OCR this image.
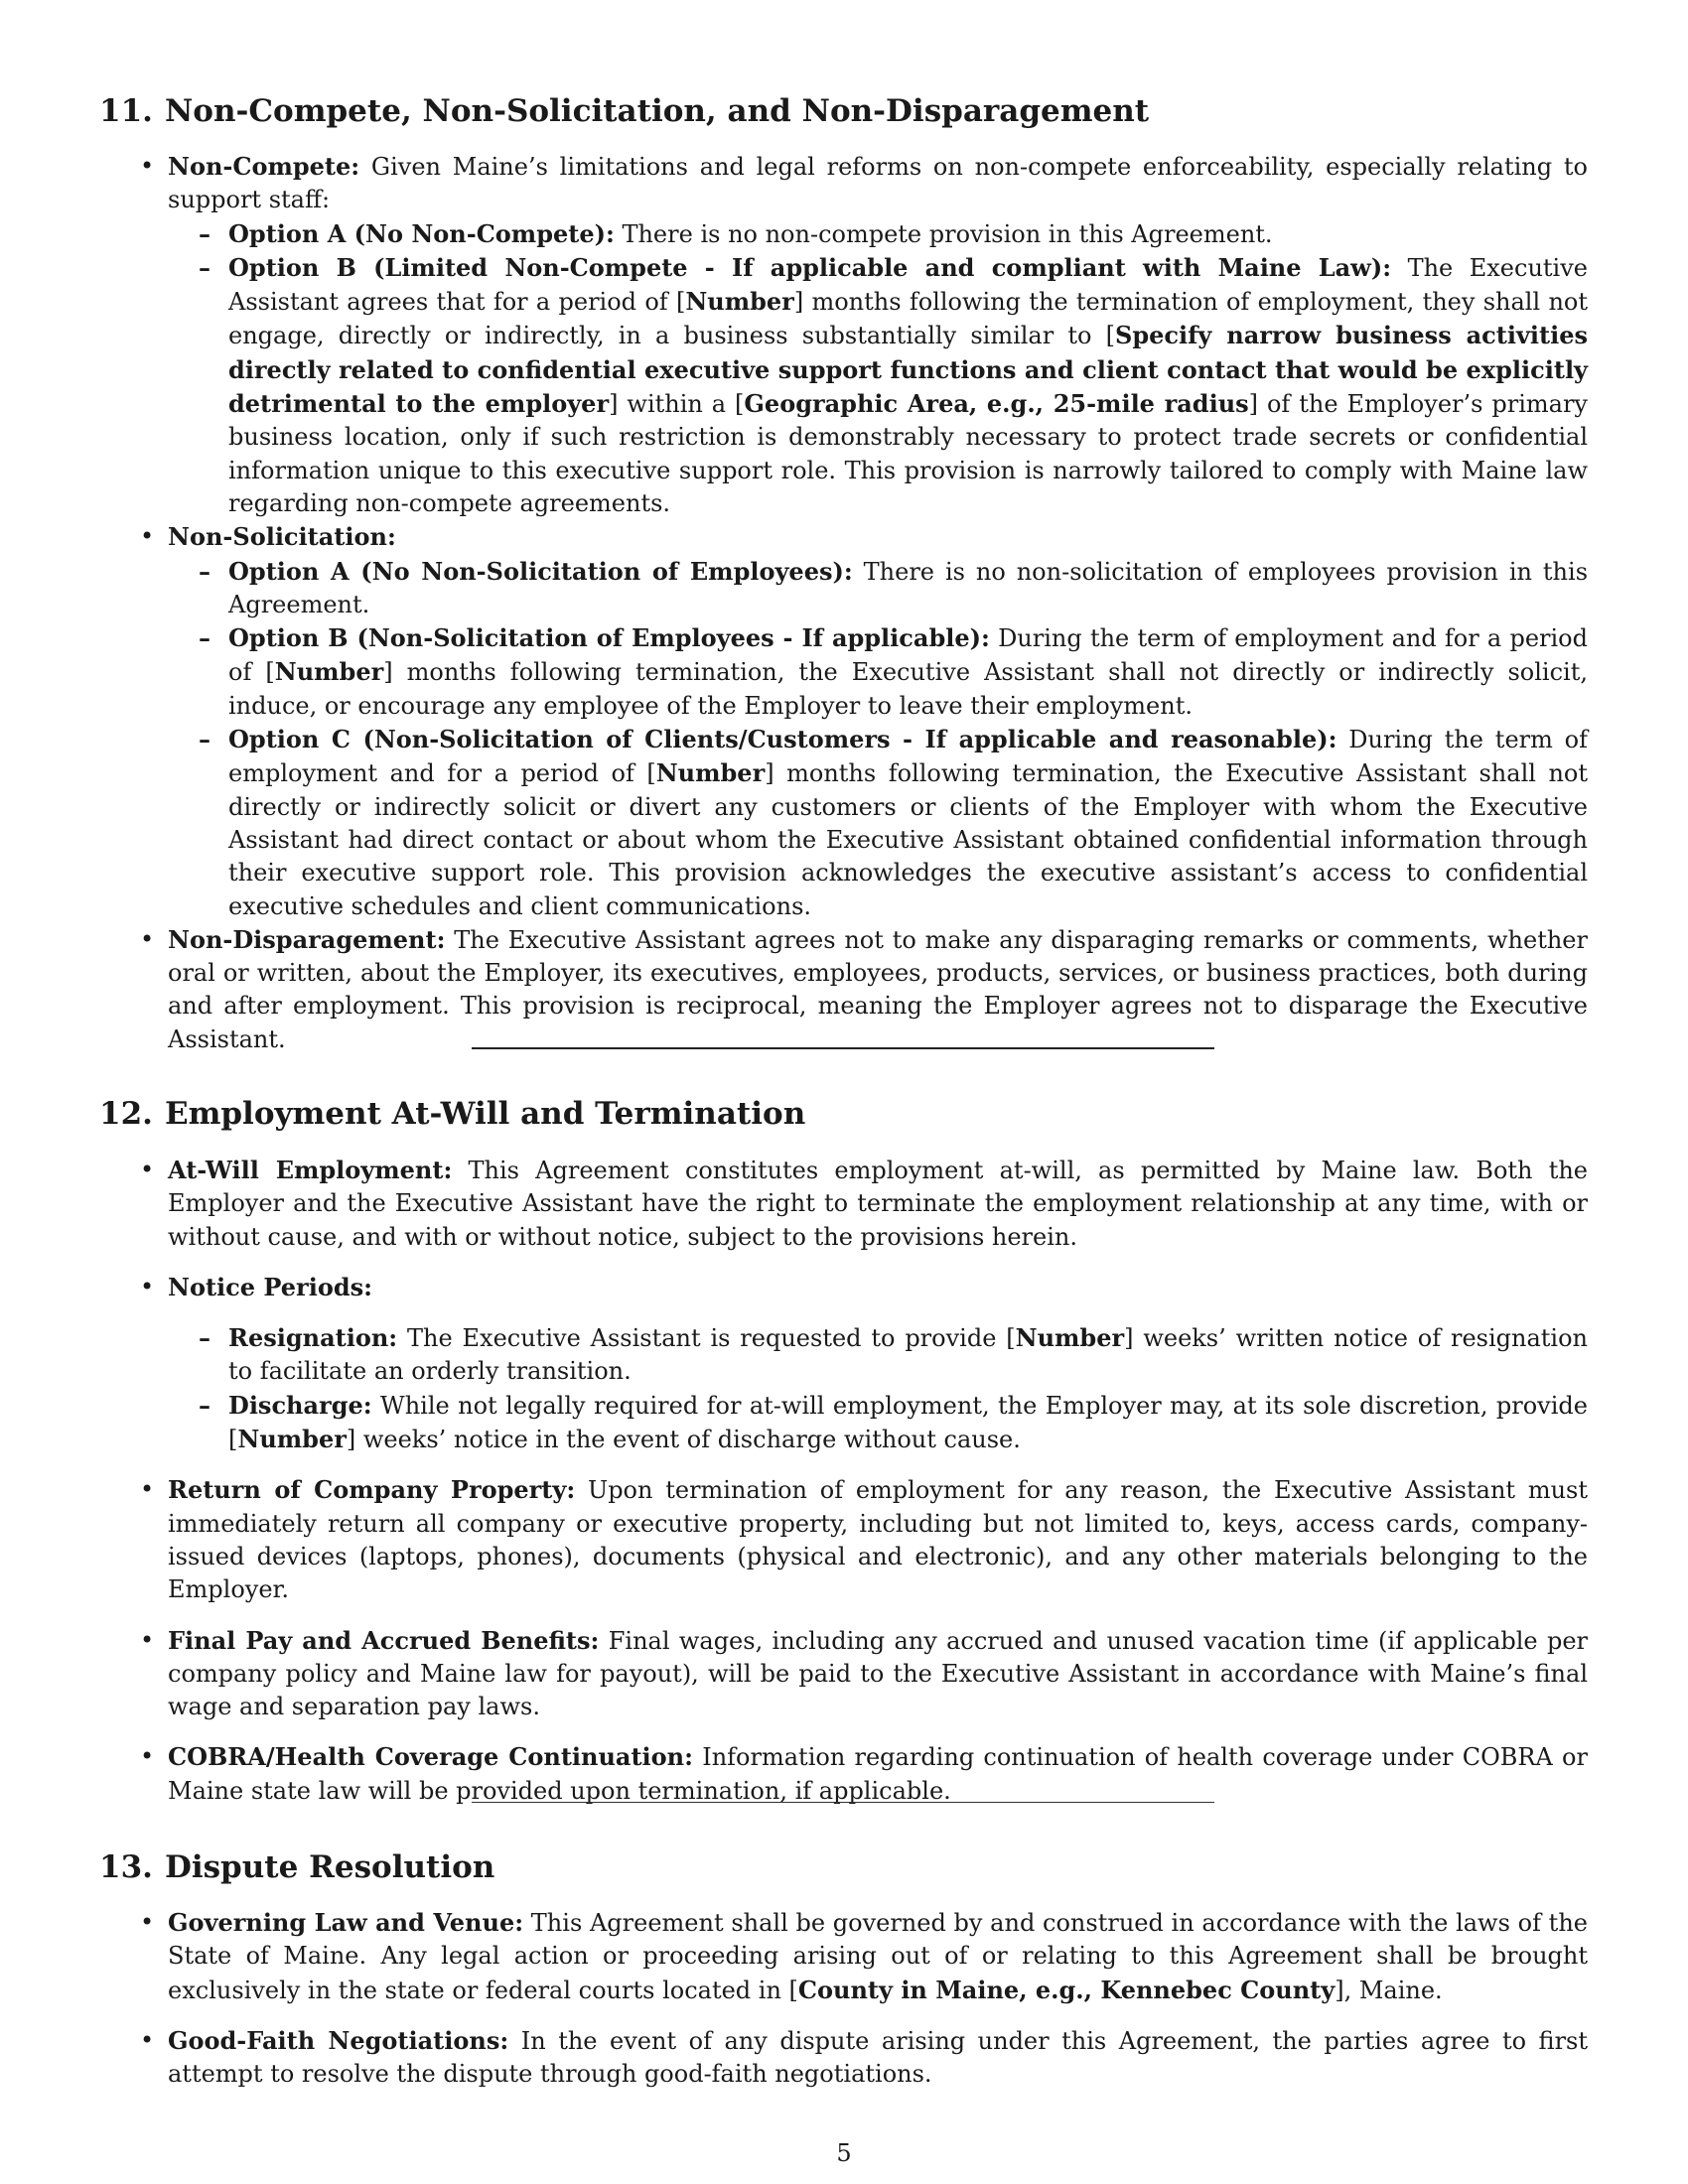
11. Non-Compete, Non-Solicitation, and Non-Disparagement
• Non-Compete: Given Maine’s limitations and legal reforms on non-compete enforceability, especially relating to support staff:
– Option A (No Non-Compete): There is no non-compete provision in this Agreement.
– Option B (Limited Non-Compete - If applicable and compliant with Maine Law): The Executive Assistant agrees that for a period of [Number] months following the termination of employment, they shall not engage, directly or indirectly, in a business substantially similar to [Specify narrow business activities directly related to confidential executive support functions and client contact that would be explicitly detrimental to the employer] within a [Geographic Area, e.g., 25-mile radius] of the Employer’s primary business location, only if such restriction is demonstrably necessary to protect trade secrets or confidential information unique to this executive support role. This provision is narrowly tailored to comply with Maine law regarding non-compete agreements.
• Non-Solicitation:
– Option A (No Non-Solicitation of Employees): There is no non-solicitation of employees provision in this Agreement.
– Option B (Non-Solicitation of Employees - If applicable): During the term of employment and for a period of [Number] months following termination, the Executive Assistant shall not directly or indirectly solicit, induce, or encourage any employee of the Employer to leave their employment.
– Option C (Non-Solicitation of Clients/Customers - If applicable and reasonable): During the term of employment and for a period of [Number] months following termination, the Executive Assistant shall not directly or indirectly solicit or divert any customers or clients of the Employer with whom the Executive Assistant had direct contact or about whom the Executive Assistant obtained confidential information through their executive support role. This provision acknowledges the executive assistant’s access to confidential executive schedules and client communications.
• Non-Disparagement: The Executive Assistant agrees not to make any disparaging remarks or comments, whether oral or written, about the Employer, its executives, employees, products, services, or business practices, both during and after employment. This provision is reciprocal, meaning the Employer agrees not to disparage the Executive Assistant.
12. Employment At-Will and Termination
• At-Will Employment: This Agreement constitutes employment at-will, as permitted by Maine law. Both the Employer and the Executive Assistant have the right to terminate the employment relationship at any time, with or without cause, and with or without notice, subject to the provisions herein.
• Notice Periods:
– Resignation: The Executive Assistant is requested to provide [Number] weeks’ written notice of resignation to facilitate an orderly transition.
– Discharge: While not legally required for at-will employment, the Employer may, at its sole discretion, provide [Number] weeks’ notice in the event of discharge without cause.
• Return of Company Property: Upon termination of employment for any reason, the Executive Assistant must immediately return all company or executive property, including but not limited to, keys, access cards, company-issued devices (laptops, phones), documents (physical and electronic), and any other materials belonging to the Employer.
• Final Pay and Accrued Benefits: Final wages, including any accrued and unused vacation time (if applicable per company policy and Maine law for payout), will be paid to the Executive Assistant in accordance with Maine’s final wage and separation pay laws.
• COBRA/Health Coverage Continuation: Information regarding continuation of health coverage under COBRA or Maine state law will be provided upon termination, if applicable.
13. Dispute Resolution
• Governing Law and Venue: This Agreement shall be governed by and construed in accordance with the laws of the State of Maine. Any legal action or proceeding arising out of or relating to this Agreement shall be brought exclusively in the state or federal courts located in [County in Maine, e.g., Kennebec County], Maine.
• Good-Faith Negotiations: In the event of any dispute arising under this Agreement, the parties agree to first attempt to resolve the dispute through good-faith negotiations.
5
